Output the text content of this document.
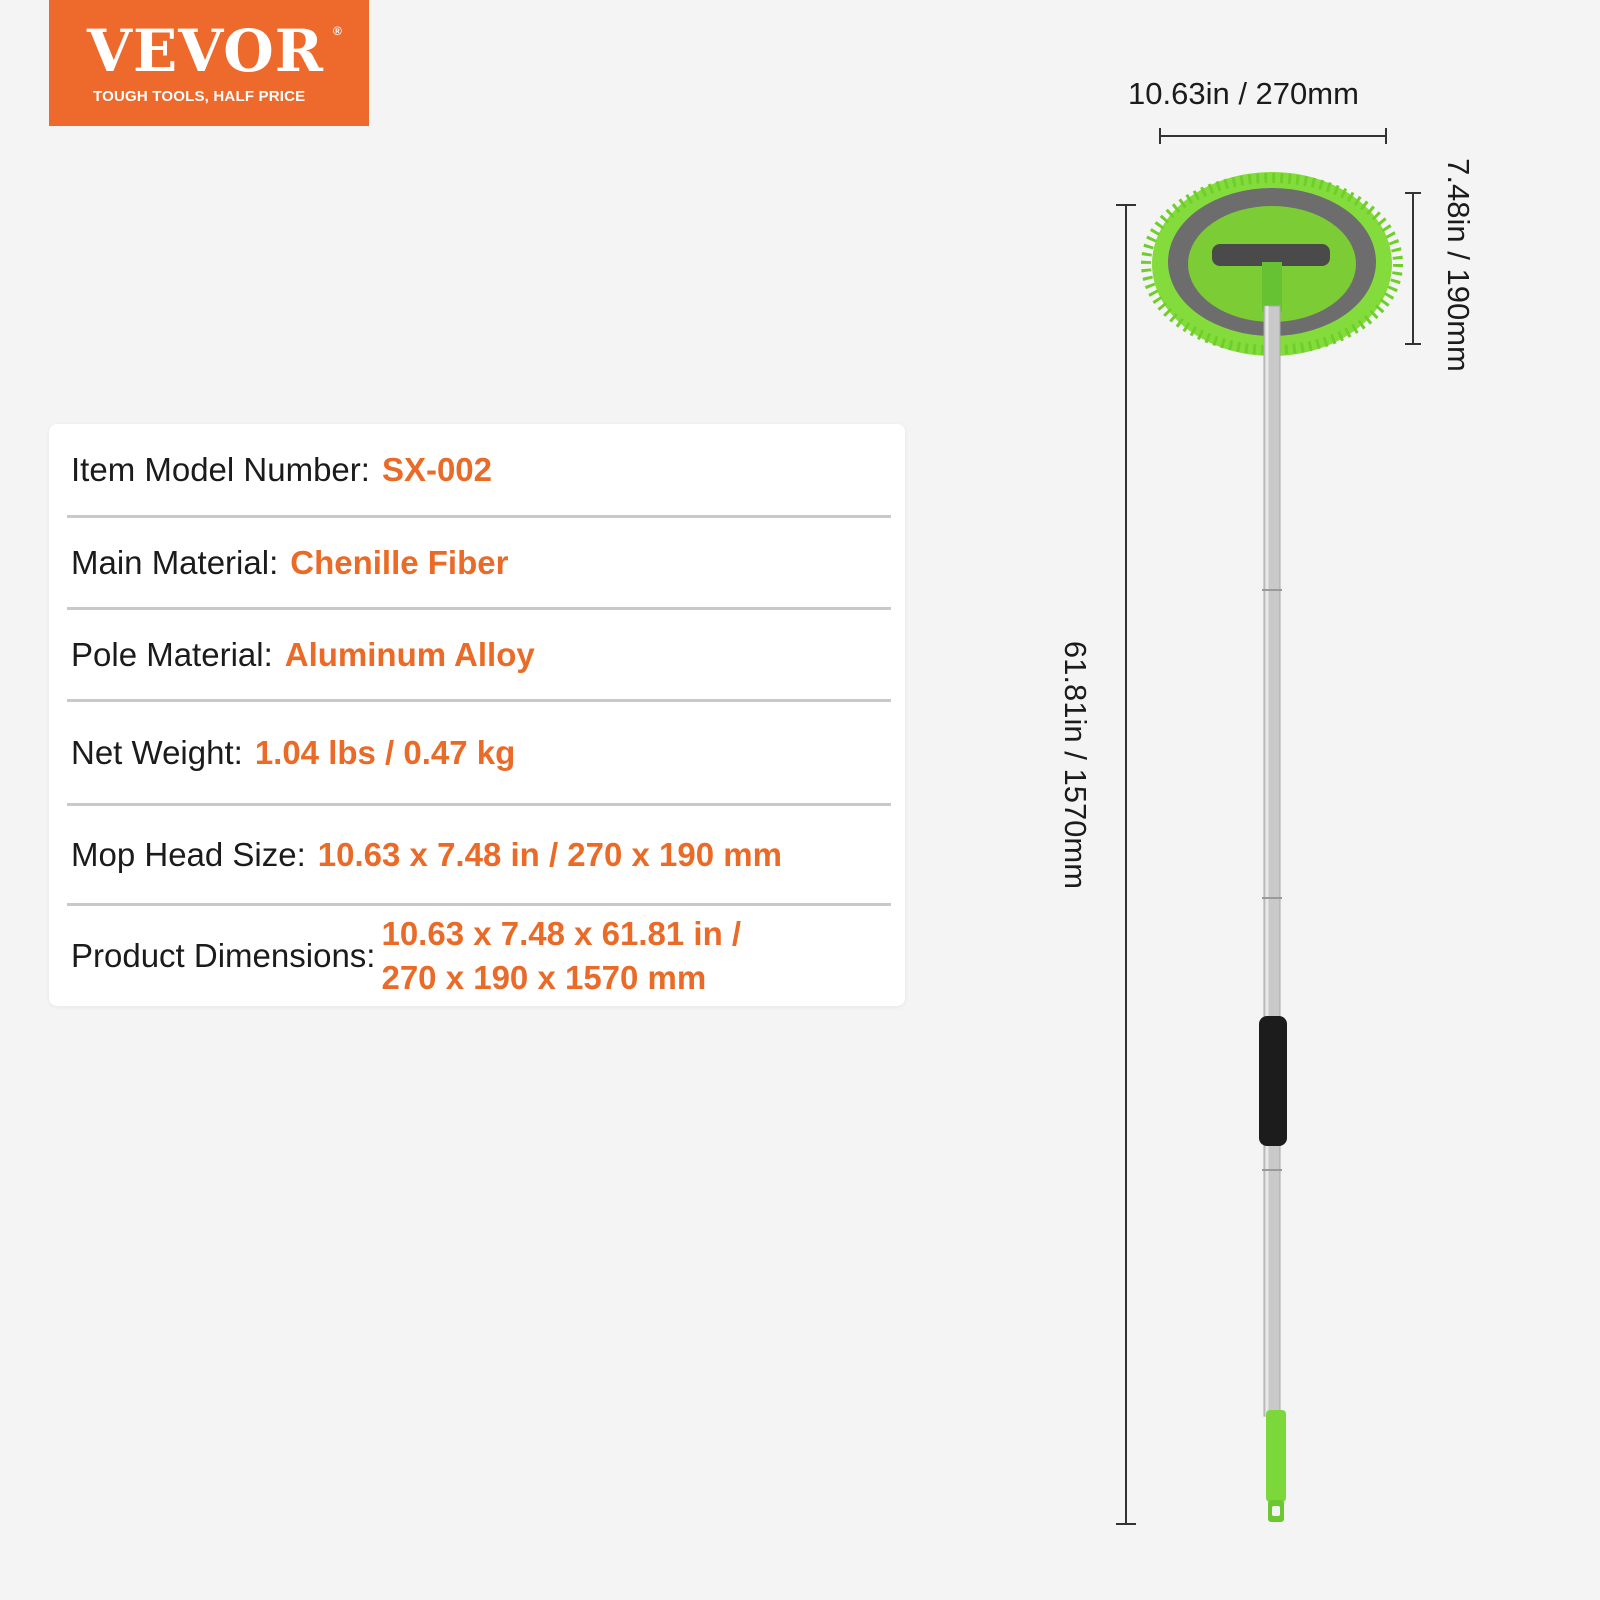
VEVOR ®
TOUGH TOOLS, HALF PRICE
Item Model Number: SX-002
Main Material: Chenille Fiber
Pole Material: Aluminum Alloy
Net Weight: 1.04 lbs / 0.47 kg
Mop Head Size: 10.63 x 7.48 in / 270 x 190 mm
Product Dimensions:
10.63 x 7.48 x 61.81 in /
270 x 190 x 1570 mm
10.63in / 270mm
7.48in / 190mm
61.81in / 1570mm
